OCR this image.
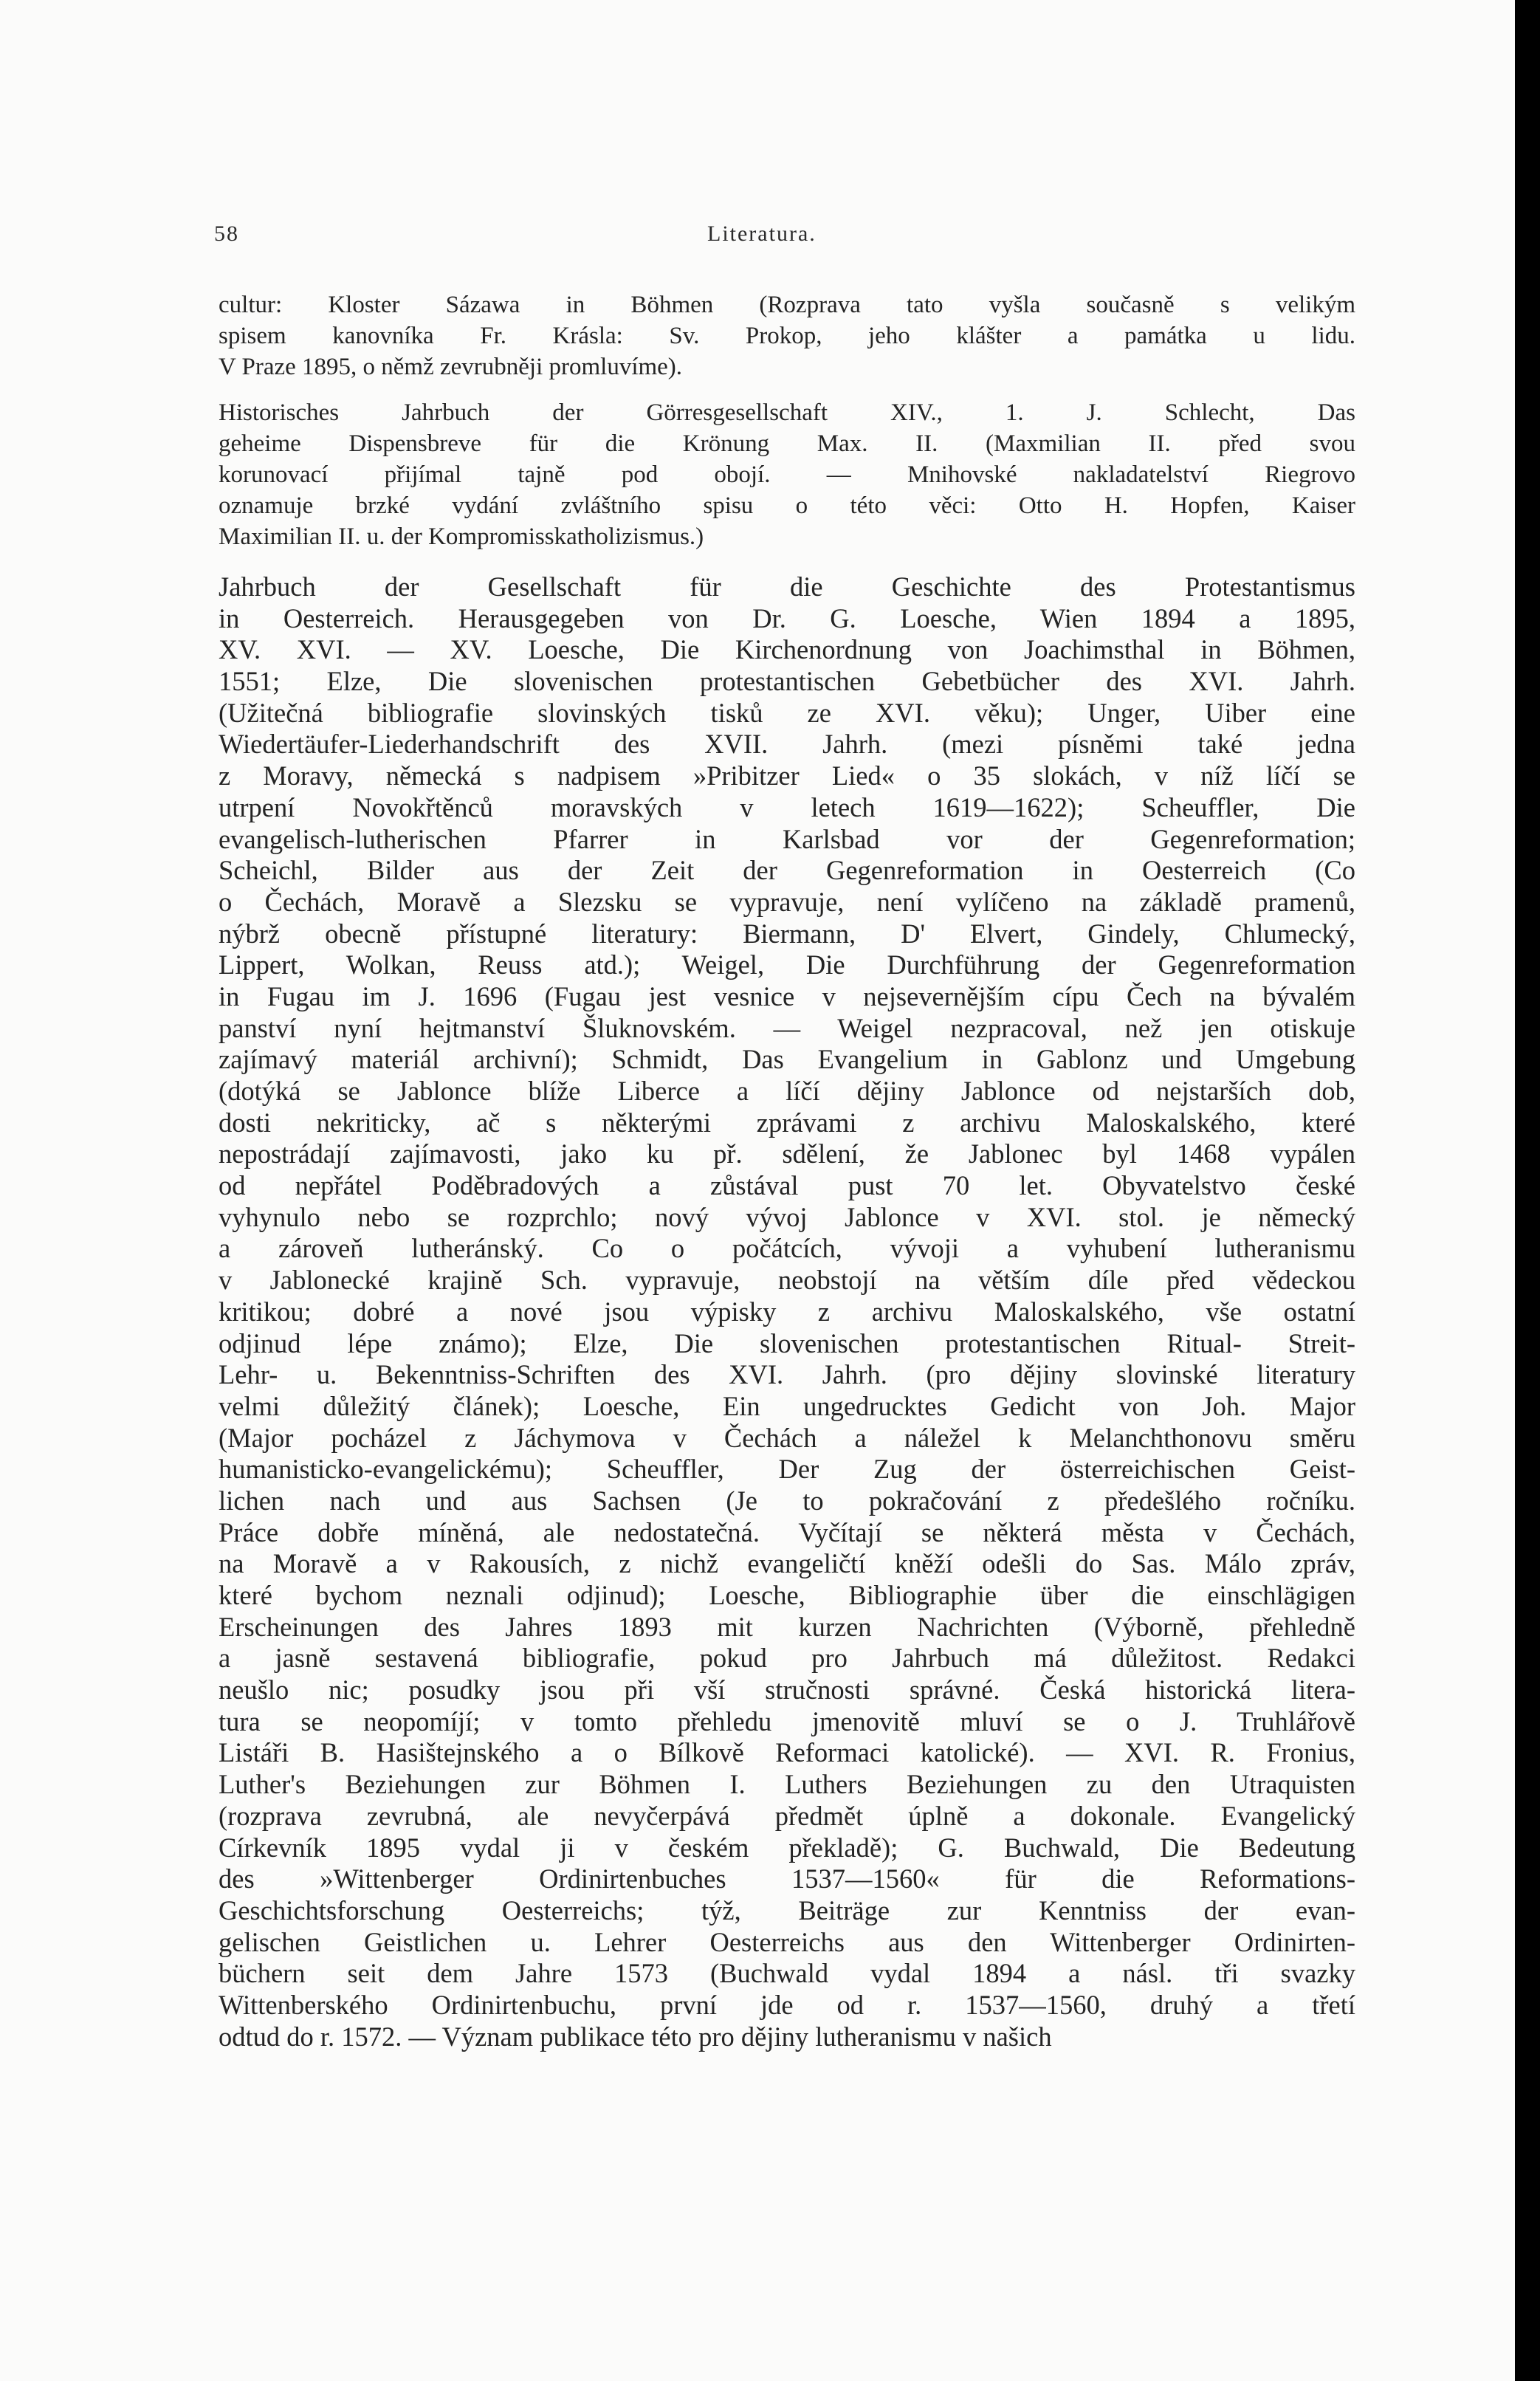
58	Literatura.
cultur: Kloster Sázawa in Böhmen (Rozprava tato vyšla současně s velikým
spisem kanovníka Fr. Krásla: Sv. Prokop, jeho klášter a památka u lidu.
V Praze 1895, o němž zevrubněji promluvíme).
Historisches Jahrbuch der Görresgesellschaft XIV., 1. J. Schlecht, Das
geheime Dispensbreve für die Krönung Max. II. (Maxmilian II. před svou
korunovací přijímal tajně pod obojí. — Mnihovské nakladatelství Riegrovo
oznamuje brzké vydání zvláštního spisu o této věci: Otto H. Hopfen, Kaiser
Maximilian II. u. der Kompromisskatholizismus.)
Jahrbuch der Gesellschaft für die Geschichte des Protestantismus
in Oesterreich. Herausgegeben von Dr. G. Loesche, Wien 1894 a 1895,
XV. XVI. — XV. Loesche, Die Kirchenordnung von Joachimsthal in Böhmen,
1551; Elze, Die slovenischen protestantischen Gebetbücher des XVI. Jahrh.
(Užitečná bibliografie slovinských tisků ze XVI. věku); Unger, Uiber eine
Wiedertäufer-Liederhandschrift des XVII. Jahrh. (mezi písněmi také jedna
z Moravy, německá s nadpisem »Pribitzer Lied« o 35 slokách, v níž líčí se
utrpení Novokřtěnců moravských v letech 1619—1622); Scheuffler, Die
evangelisch-lutherischen Pfarrer in Karlsbad vor der Gegenreformation;
Scheichl, Bilder aus der Zeit der Gegenreformation in Oesterreich (Co
o Čechách, Moravě a Slezsku se vypravuje, není vylíčeno na základě pramenů,
nýbrž obecně přístupné literatury: Biermann, D' Elvert, Gindely, Chlumecký,
Lippert, Wolkan, Reuss atd.); Weigel, Die Durchführung der Gegenreformation
in Fugau im J. 1696 (Fugau jest vesnice v nejsevernějším cípu Čech na bývalém
panství nyní hejtmanství Šluknovském. — Weigel nezpracoval, než jen otiskuje
zajímavý materiál archivní); Schmidt, Das Evangelium in Gablonz und Umgebung
(dotýká se Jablonce blíže Liberce a líčí dějiny Jablonce od nejstarších dob,
dosti nekriticky, ač s některými zprávami z archivu Maloskalského, které
nepostrádají zajímavosti, jako ku př. sdělení, že Jablonec byl 1468 vypálen
od nepřátel Poděbradových a zůstával pust 70 let. Obyvatelstvo české
vyhynulo nebo se rozprchlo; nový vývoj Jablonce v XVI. stol. je německý
a zároveň lutheránský. Co o počátcích, vývoji a vyhubení lutheranismu
v Jablonecké krajině Sch. vypravuje, neobstojí na větším díle před vědeckou
kritikou; dobré a nové jsou výpisky z archivu Maloskalského, vše ostatní
odjinud lépe známo); Elze, Die slovenischen protestantischen Ritual- Streit-
Lehr- u. Bekenntniss-Schriften des XVI. Jahrh. (pro dějiny slovinské literatury
velmi důležitý článek); Loesche, Ein ungedrucktes Gedicht von Joh. Major
(Major pocházel z Jáchymova v Čechách a náležel k Melanchthonovu směru
humanisticko-evangelickému); Scheuffler, Der Zug der österreichischen Geist-
lichen nach und aus Sachsen (Je to pokračování z předešlého ročníku.
Práce dobře míněná, ale nedostatečná. Vyčítají se některá města v Čechách,
na Moravě a v Rakousích, z nichž evangeličtí kněží odešli do Sas. Málo zpráv,
které bychom neznali odjinud); Loesche, Bibliographie über die einschlägigen
Erscheinungen des Jahres 1893 mit kurzen Nachrichten (Výborně, přehledně
a jasně sestavená bibliografie, pokud pro Jahrbuch má důležitost. Redakci
neušlo nic; posudky jsou při vší stručnosti správné. Česká historická litera-
tura se neopomíjí; v tomto přehledu jmenovitě mluví se o J. Truhlářově
Listáři B. Hasištejnského a o Bílkově Reformaci katolické). — XVI. R. Fronius,
Luther's Beziehungen zur Böhmen I. Luthers Beziehungen zu den Utraquisten
(rozprava zevrubná, ale nevyčerpává předmět úplně a dokonale. Evangelický
Církevník 1895 vydal ji v českém překladě); G. Buchwald, Die Bedeutung
des »Wittenberger Ordinirtenbuches 1537—1560« für die Reformations-
Geschichtsforschung Oesterreichs; týž, Beiträge zur Kenntniss der evan-
gelischen Geistlichen u. Lehrer Oesterreichs aus den Wittenberger Ordinirten-
büchern seit dem Jahre 1573 (Buchwald vydal 1894 a násl. tři svazky
Wittenberského Ordinirtenbuchu, první jde od r. 1537—1560, druhý a třetí
odtud do r. 1572. — Význam publikace této pro dějiny lutheranismu v našich
